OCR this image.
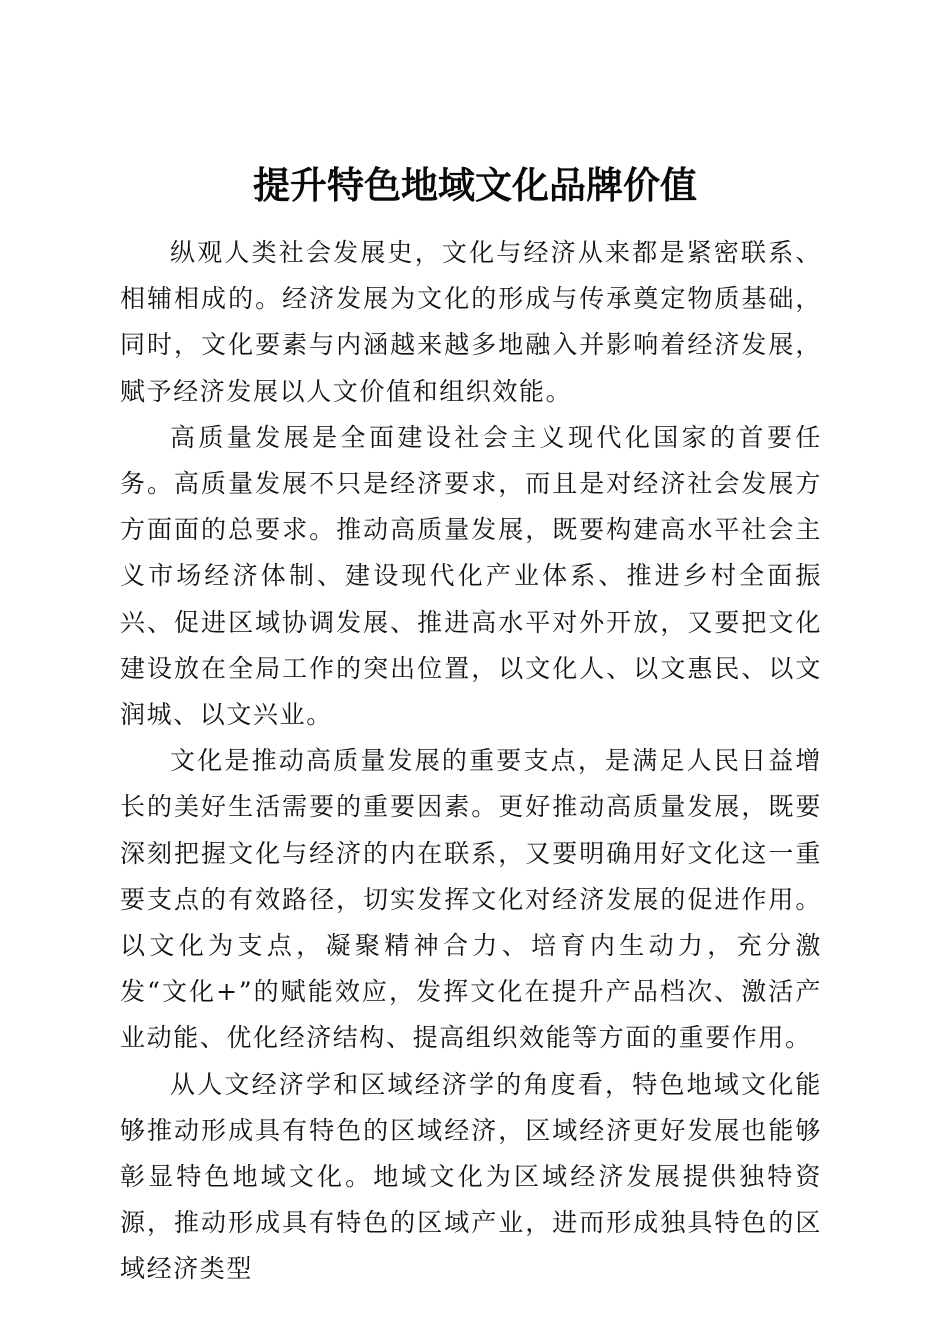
提升特色地域文化品牌价值

纵观人类社会发展史，文化与经济从来都是紧密联系、相辅相成的。经济发展为文化的形成与传承奠定物质基础，同时，文化要素与内涵越来越多地融入并影响着经济发展，赋予经济发展以人文价值和组织效能。

高质量发展是全面建设社会主义现代化国家的首要任务。高质量发展不只是经济要求，而且是对经济社会发展方方面面的总要求。推动高质量发展，既要构建高水平社会主义市场经济体制、建设现代化产业体系、推进乡村全面振兴、促进区域协调发展、推进高水平对外开放，又要把文化建设放在全局工作的突出位置，以文化人、以文惠民、以文润城、以文兴业。

文化是推动高质量发展的重要支点，是满足人民日益增长的美好生活需要的重要因素。更好推动高质量发展，既要深刻把握文化与经济的内在联系，又要明确用好文化这一重要支点的有效路径，切实发挥文化对经济发展的促进作用。以文化为支点，凝聚精神合力、培育内生动力，充分激发“文化+”的赋能效应，发挥文化在提升产品档次、激活产业动能、优化经济结构、提高组织效能等方面的重要作用。

从人文经济学和区域经济学的角度看，特色地域文化能够推动形成具有特色的区域经济，区域经济更好发展也能够彰显特色地域文化。地域文化为区域经济发展提供独特资源，推动形成具有特色的区域产业，进而形成独具特色的区域经济类型
